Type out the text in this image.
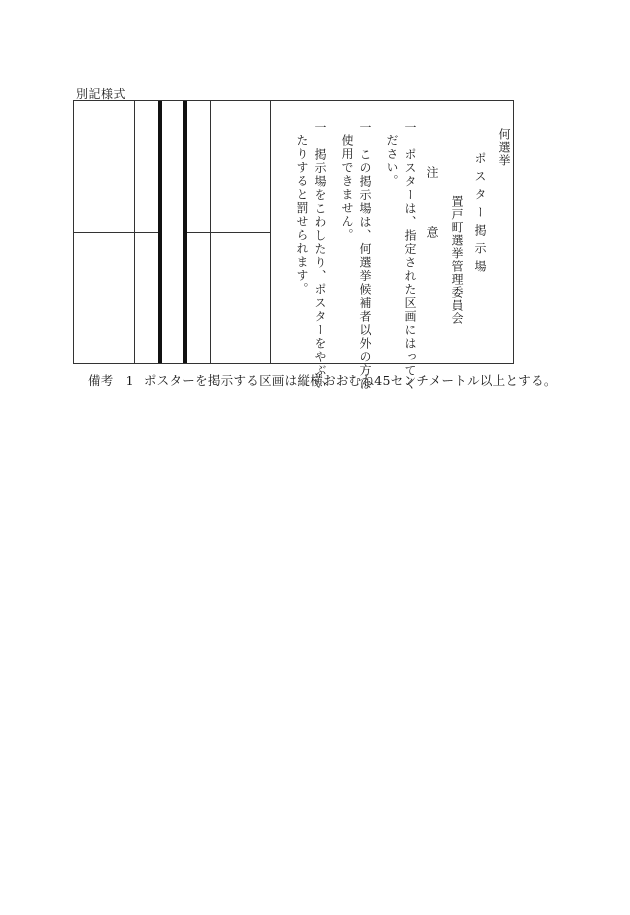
別記様式
何選挙
ポスター掲示場
置戸町選挙管理委員会
注意
一　ポスターは、指定された区画にはってく
ださい。
一　この掲示場は、何選挙候補者以外の方は
使用できません。
一　掲示場をこわしたり、ポスターをやぶい
たりすると罰せられます。
備考 1 ポスターを掲示する区画は縦横おおむね45センチメートル以上とする。
